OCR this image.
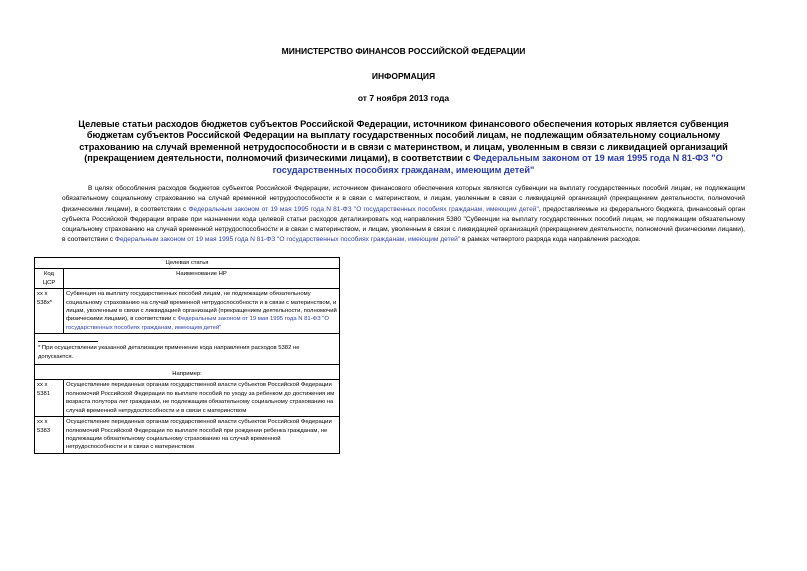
МИНИСТЕРСТВО ФИНАНСОВ РОССИЙСКОЙ ФЕДЕРАЦИИ
ИНФОРМАЦИЯ
от 7 ноября 2013 года
Целевые статьи расходов бюджетов субъектов Российской Федерации, источником финансового обеспечения которых является субвенция бюджетам субъектов Российской Федерации на выплату государственных пособий лицам, не подлежащим обязательному социальному страхованию на случай временной нетрудоспособности и в связи с материнством, и лицам, уволенным в связи с ликвидацией организаций (прекращением деятельности, полномочий физическими лицами), в соответствии с Федеральным законом от 19 мая 1995 года N 81-ФЗ "О государственных пособиях гражданам, имеющим детей"
В целях обособления расходов бюджетов субъектов Российской Федерации, источником финансового обеспечения которых являются субвенции на выплату государственных пособий лицам, не подлежащим обязательному социальному страхованию на случай временной нетрудоспособности и в связи с материнством, и лицам, уволенным в связи с ликвидацией организаций (прекращением деятельности, полномочий физическими лицами), в соответствии с Федеральным законом от 19 мая 1995 года N 81-ФЗ "О государственных пособиях гражданам, имеющим детей", предоставляемые из федерального бюджета, финансовый орган субъекта Российской Федерации вправе при назначении кода целевой статьи расходов детализировать код направления 5380 "Субвенции на выплату государственных пособий лицам, не подлежащим обязательному социальному страхованию на случай временной нетрудоспособности и в связи с материнством, и лицам, уволенным в связи с ликвидацией организаций (прекращением деятельности, полномочий физическими лицами), в соответствии с Федеральным законом от 19 мая 1995 года N 81-ФЗ "О государственных пособиях гражданам, имеющим детей" в рамках четвертого разряда кода направления расходов.
Целевая статья	
Код ЦСР	Наименование НР
хх х 538х*	Субвенция на выплату государственных пособий лицам, не подлежащим обязательному социальному страхованию на случай временной нетрудоспособности и в связи с материнством, и лицам, уволенным в связи с ликвидацией организаций (прекращением деятельности, полномочий физическими лицами), в соответствии с Федеральным законом от 19 мая 1995 года N 81-ФЗ "О государственных пособиях гражданам, имеющим детей"

* При осуществлении указанной детализации применение кода направления расходов 5382 не допускается.	

Например:	
хх х 5381	Осуществление переданных органам государственной власти субъектов Российской Федерации полномочий Российской Федерации по выплате пособий по уходу за ребенком до достижения им возраста полутора лет гражданам, не подлежащим обязательному социальному страхованию на случай временной нетрудоспособности и в связи с материнством
хх х 5383	Осуществление переданных органам государственной власти субъектов Российской Федерации полномочий Российской Федерации по выплате пособий при рождении ребенка гражданам, не подлежащим обязательному социальному страхованию на случай временной нетрудоспособности и в связи с материнством
